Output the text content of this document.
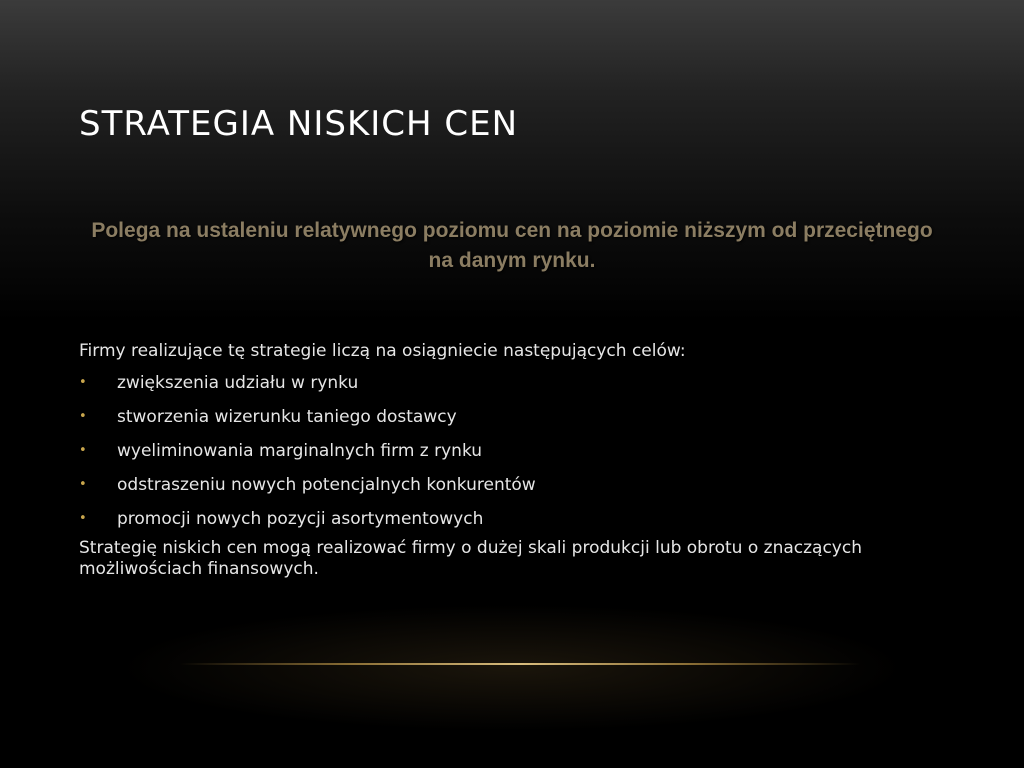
STRATEGIA NISKICH CEN

Polega na ustaleniu relatywnego poziomu cen na poziomie niższym od przeciętnego na danym rynku.

Firmy realizujące tę strategie liczą na osiągniecie następujących celów:

• zwiększenia udziału w rynku
• stworzenia wizerunku taniego dostawcy
• wyeliminowania marginalnych firm z rynku
• odstraszeniu nowych potencjalnych konkurentów
• promocji nowych pozycji asortymentowych

Strategię niskich cen mogą realizować firmy o dużej skali produkcji lub obrotu o znaczących możliwościach finansowych.
